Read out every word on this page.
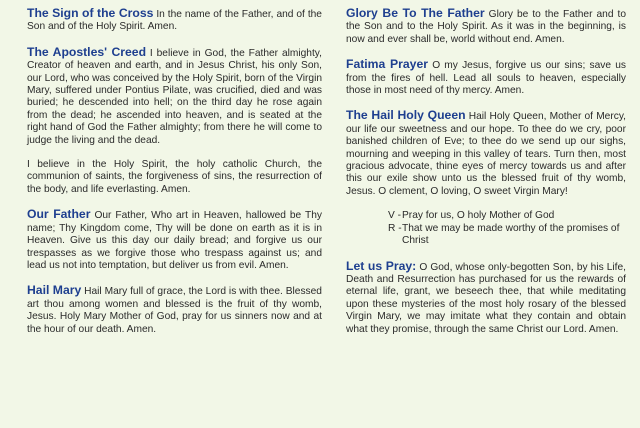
The Sign of the Cross In the name of the Father, and of the Son and of the Holy Spirit. Amen.

The Apostles' Creed I believe in God, the Father almighty, Creator of heaven and earth, and in Jesus Christ, his only Son, our Lord, who was conceived by the Holy Spirit, born of the Virgin Mary, suffered under Pontius Pilate, was crucified, died and was buried; he descended into hell; on the third day he rose again from the dead; he ascended into heaven, and is seated at the right hand of God the Father almighty; from there he will come to judge the living and the dead.

I believe in the Holy Spirit, the holy catholic Church, the communion of saints, the forgiveness of sins, the resurrection of the body, and life everlasting. Amen.

Our Father Our Father, Who art in Heaven, hallowed be Thy name; Thy Kingdom come, Thy will be done on earth as it is in Heaven. Give us this day our daily bread; and forgive us our trespasses as we forgive those who trespass against us; and lead us not into temptation, but deliver us from evil. Amen.

Hail Mary Hail Mary full of grace, the Lord is with thee. Blessed art thou among women and blessed is the fruit of thy womb, Jesus. Holy Mary Mother of God, pray for us sinners now and at the hour of our death. Amen.

Glory Be To The Father Glory be to the Father and to the Son and to the Holy Spirit. As it was in the beginning, is now and ever shall be, world without end. Amen.

Fatima Prayer O my Jesus, forgive us our sins; save us from the fires of hell. Lead all souls to heaven, especially those in most need of thy mercy. Amen.

The Hail Holy Queen Hail Holy Queen, Mother of Mercy, our life our sweetness and our hope. To thee do we cry, poor banished children of Eve; to thee do we send up our sighs, mourning and weeping in this valley of tears. Turn then, most gracious advocate, thine eyes of mercy towards us and after this our exile show unto us the blessed fruit of thy womb, Jesus. O clement, O loving, O sweet Virgin Mary!

V - Pray for us, O holy Mother of God
R - That we may be made worthy of the promises of Christ

Let us Pray: O God, whose only-begotten Son, by his Life, Death and Resurrection has purchased for us the rewards of eternal life, grant, we beseech thee, that while meditating upon these mysteries of the most holy rosary of the blessed Virgin Mary, we may imitate what they contain and obtain what they promise, through the same Christ our Lord. Amen.
